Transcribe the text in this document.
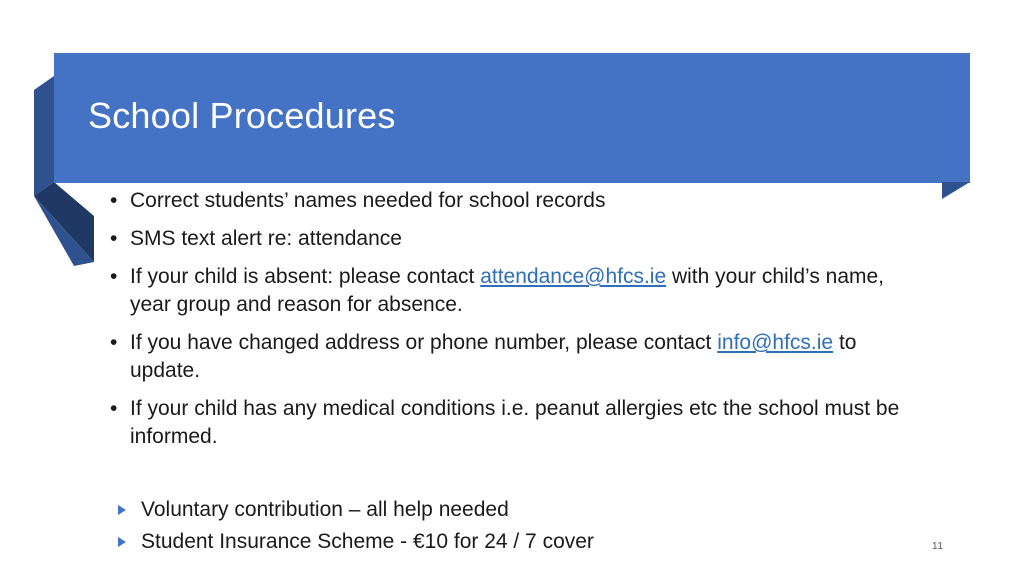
School Procedures
• Correct students’ names needed for school records
• SMS text alert re: attendance
• If your child is absent: please contact attendance@hfcs.ie with your child’s name, year group and reason for absence.
• If you have changed address or phone number, please contact info@hfcs.ie to update.
• If your child has any medical conditions i.e. peanut allergies etc the school must be informed.
Voluntary contribution – all help needed
Student Insurance Scheme - €10 for 24 / 7 cover	11
